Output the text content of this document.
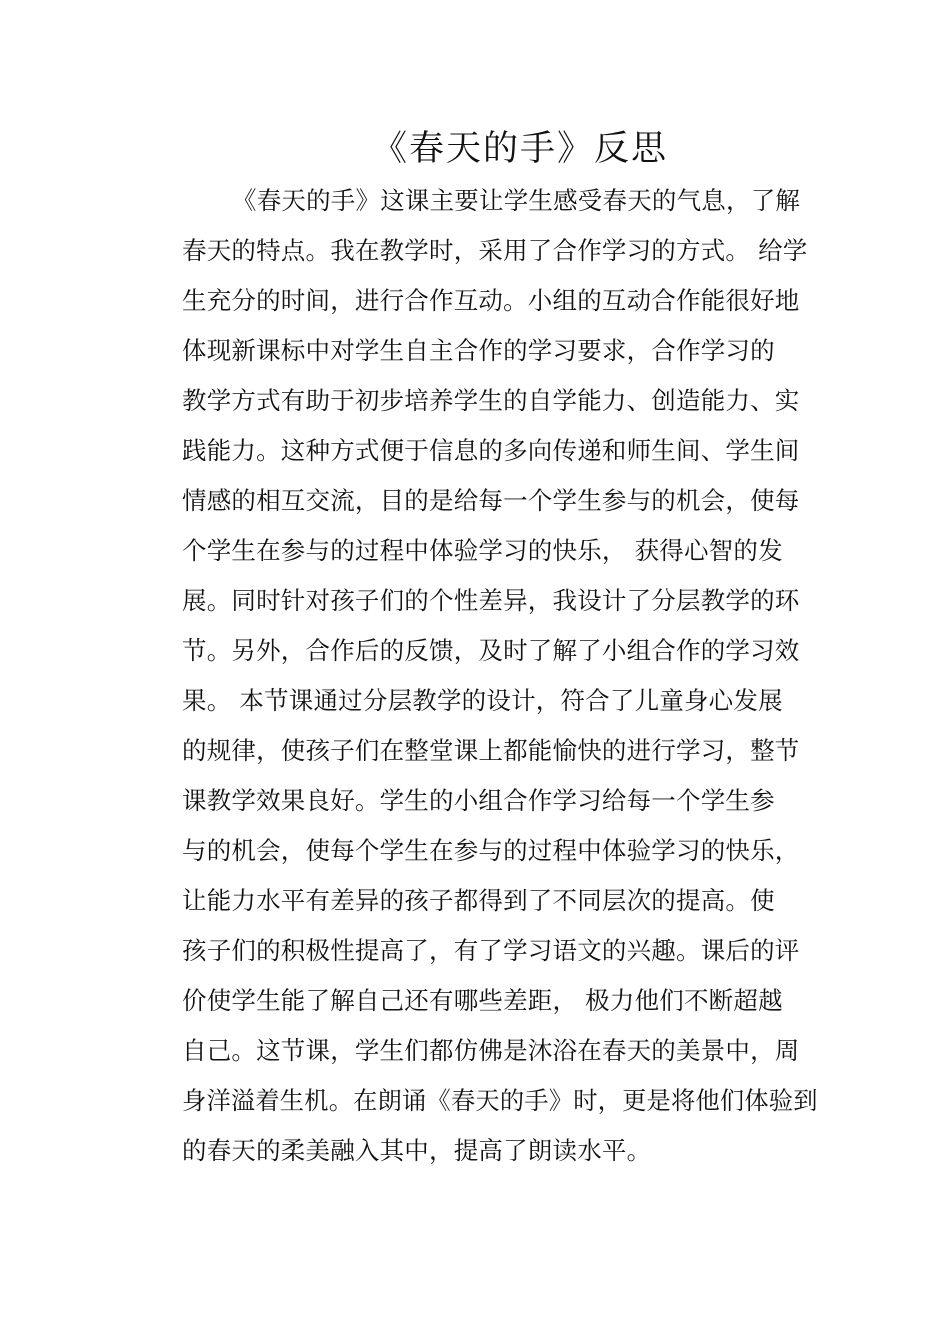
《春天的手》反思
《春天的手》这课主要让学生感受春天的气息，了解
春天的特点。我在教学时，采用了合作学习的方式。 给学
生充分的时间，进行合作互动。小组的互动合作能很好地
体现新课标中对学生自主合作的学习要求，合作学习的
教学方式有助于初步培养学生的自学能力、创造能力、实
践能力。这种方式便于信息的多向传递和师生间、学生间
情感的相互交流，目的是给每一个学生参与的机会，使每
个学生在参与的过程中体验学习的快乐， 获得心智的发
展。同时针对孩子们的个性差异，我设计了分层教学的环
节。另外，合作后的反馈，及时了解了小组合作的学习效
果。 本节课通过分层教学的设计，符合了儿童身心发展
的规律，使孩子们在整堂课上都能愉快的进行学习，整节
课教学效果良好。学生的小组合作学习给每一个学生参
与的机会，使每个学生在参与的过程中体验学习的快乐，
让能力水平有差异的孩子都得到了不同层次的提高。使
孩子们的积极性提高了，有了学习语文的兴趣。课后的评
价使学生能了解自己还有哪些差距， 极力他们不断超越
自己。这节课，学生们都仿佛是沐浴在春天的美景中，周
身洋溢着生机。在朗诵《春天的手》时，更是将他们体验到
的春天的柔美融入其中，提高了朗读水平。
